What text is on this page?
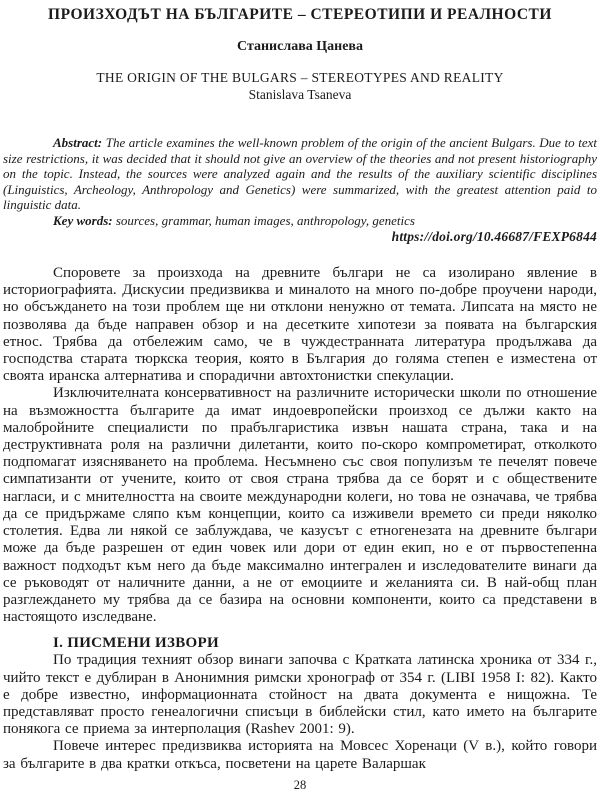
ПРОИЗХОДЪТ НА БЪЛГАРИТЕ – СТЕРЕОТИПИ И РЕАЛНОСТИ
Станислава Цанева
THE ORIGIN OF THE BULGARS – STEREOTYPES AND REALITY
Stanislava Tsaneva

Abstract: The article examines the well-known problem of the origin of the ancient Bulgars. Due to text size restrictions, it was decided that it should not give an overview of the theories and not present historiography on the topic. Instead, the sources were analyzed again and the results of the auxiliary scientific disciplines (Linguistics, Archeology, Anthropology and Genetics) were summarized, with the greatest attention paid to linguistic data.

Key words: sources, grammar, human images, anthropology, genetics

https://doi.org/10.46687/FEXP6844

Споровете за произхода на древните българи не са изолирано явление в историографията. Дискусии предизвиква и миналото на много по-добре проучени народи, но обсъждането на този проблем ще ни отклони ненужно от темата. Липсата на място не позволява да бъде направен обзор и на десетките хипотези за появата на българския етнос. Трябва да отбележим само, че в чуждестранната литература продължава да господства старата тюркска теория, която в България до голяма степен е изместена от своята иранска алтернатива и спорадични автохтонистки спекулации.

Изключителната консервативност на различните исторически школи по отношение на възможността българите да имат индоевропейски произход се дължи както на малобройните специалисти по прабългаристика извън нашата страна, така и на деструктивната роля на различни дилетанти, които по-скоро компрометират, отколкото подпомагат изясняването на проблема. Несъмнено със своя популизъм те печелят повече симпатизанти от учените, които от своя страна трябва да се борят и с обществените нагласи, и с мнителността на своите международни колеги, но това не означава, че трябва да се придържаме сляпо към концепции, които са изживели времето си преди няколко столетия. Едва ли някой се заблуждава, че казусът с етногенезата на древните българи може да бъде разрешен от един човек или дори от един екип, но е от първостепенна важност подходът към него да бъде максимално интегрален и изследователите винаги да се ръководят от наличните данни, а не от емоциите и желанията си. В най-общ план разглеждането му трябва да се базира на основни компоненти, които са представени в настоящото изследване.

I. ПИСМЕНИ ИЗВОРИ

По традиция техният обзор винаги започва с Кратката латинска хроника от 334 г., чийто текст е дублиран в Анонимния римски хронограф от 354 г. (LIBI 1958 I: 82). Както е добре известно, информационната стойност на двата документа е нищожна. Те представляват просто генеалогични списъци в библейски стил, като името на българите понякога се приема за интерполация (Rashev 2001: 9).

Повече интерес предизвиква историята на Мовсес Хоренаци (V в.), който говори за българите в два кратки откъса, посветени на царете Валаршак

28
